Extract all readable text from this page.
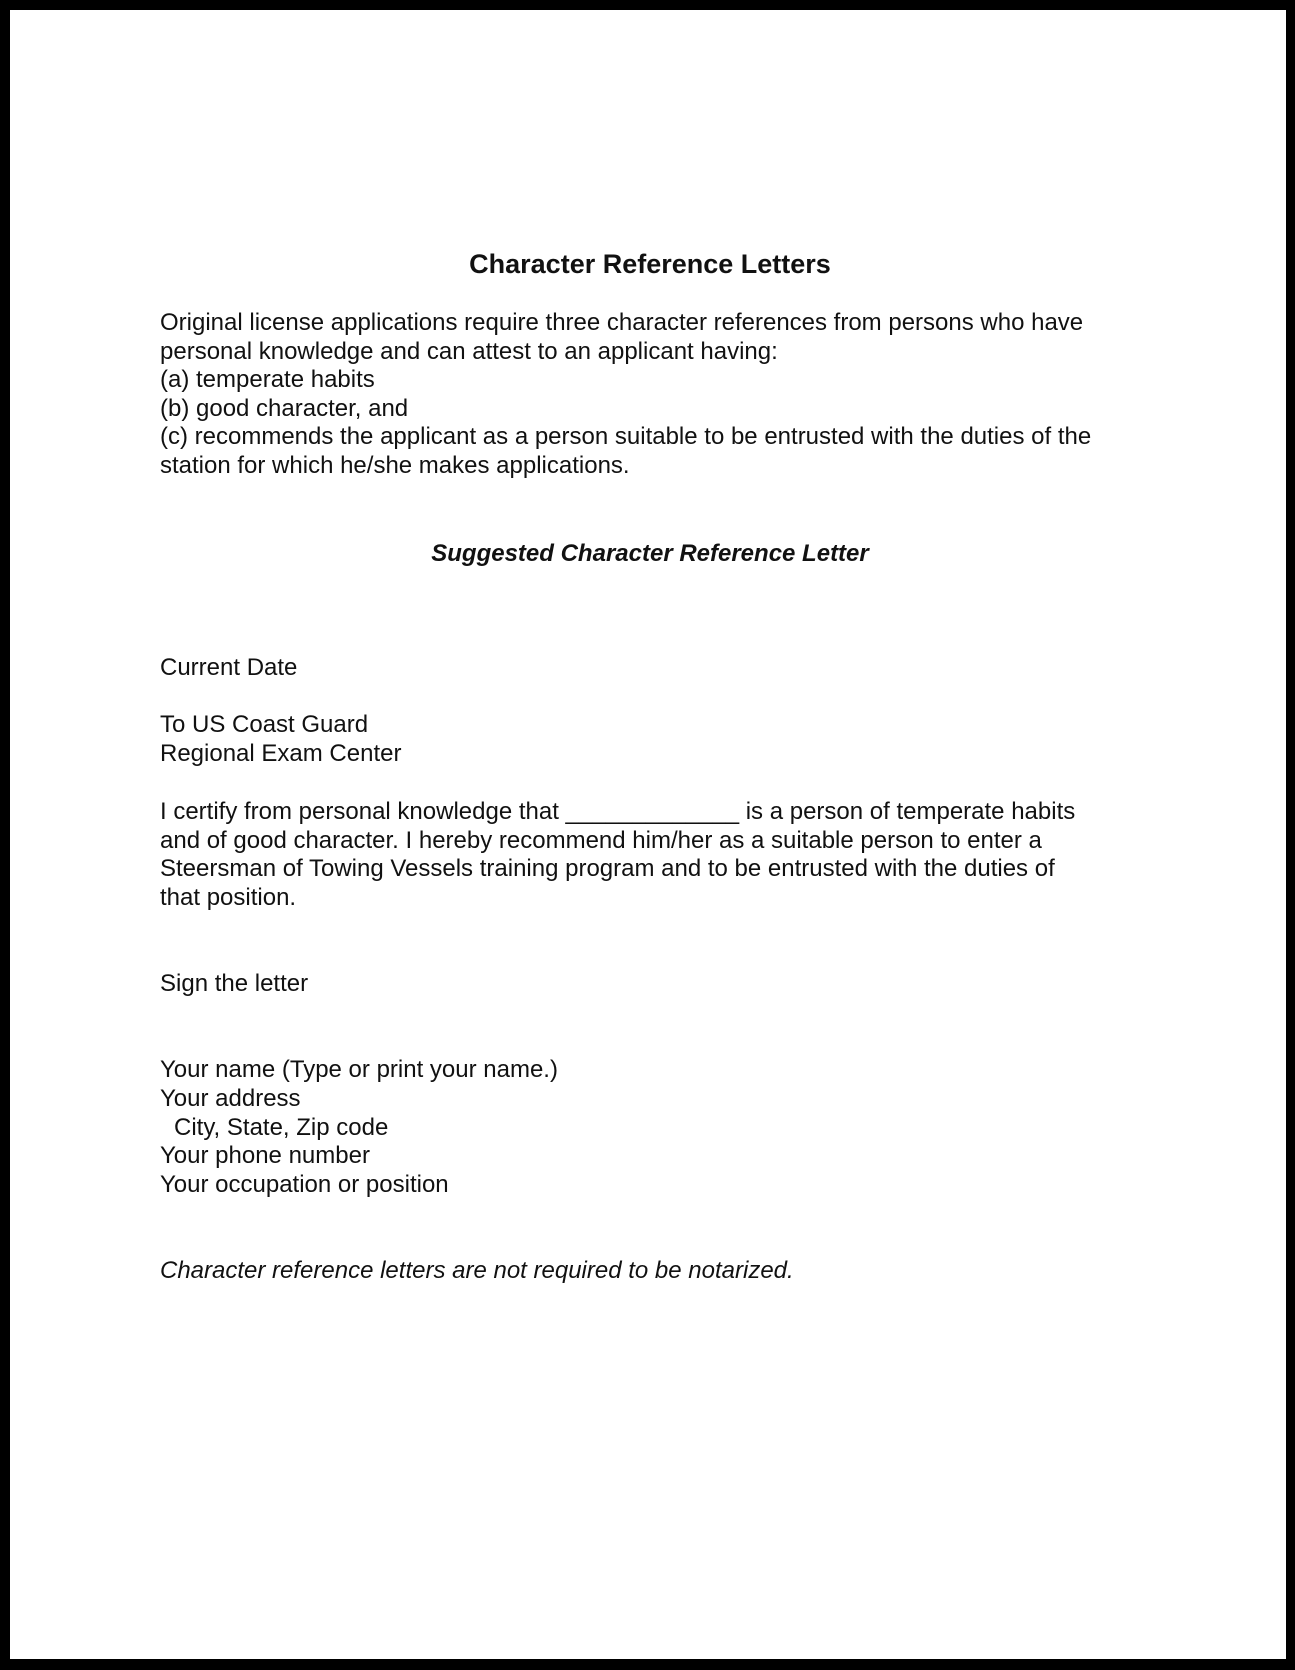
Character Reference Letters
Original license applications require three character references from persons who have
personal knowledge and can attest to an applicant having:
(a) temperate habits
(b) good character, and
(c) recommends the applicant as a person suitable to be entrusted with the duties of the
station for which he/she makes applications.
Suggested Character Reference Letter
Current Date
To US Coast Guard
Regional Exam Center
I certify from personal knowledge that _____________ is a person of temperate habits
and of good character. I hereby recommend him/her as a suitable person to enter a
Steersman of Towing Vessels training program and to be entrusted with the duties of
that position.
Sign the letter
Your name (Type or print your name.)
Your address
City, State, Zip code
Your phone number
Your occupation or position
Character reference letters are not required to be notarized.
